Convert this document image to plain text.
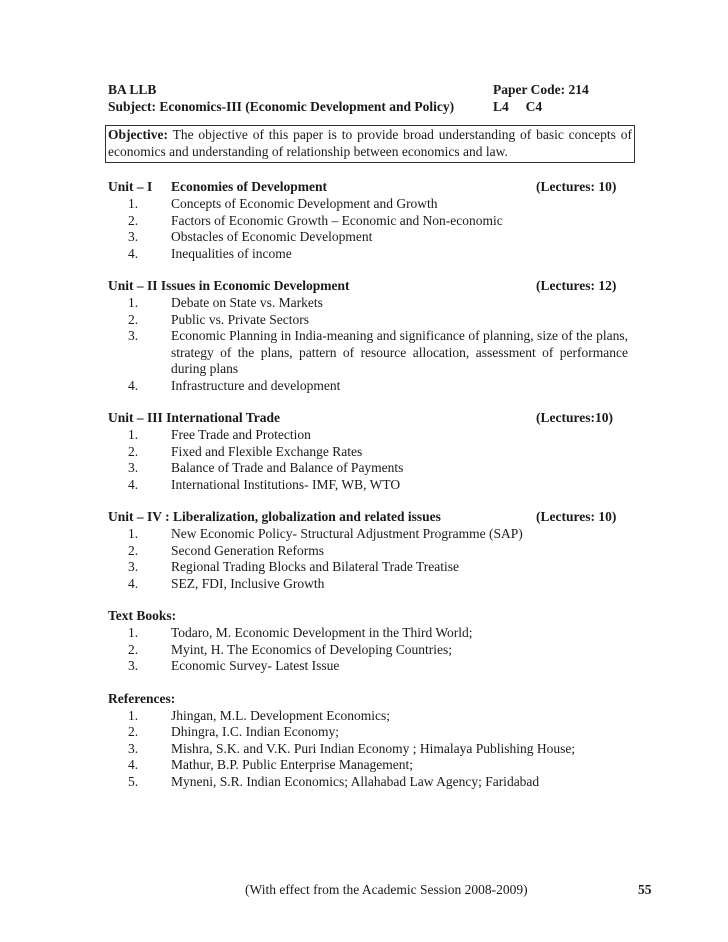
BA LLB	Paper Code: 214
Subject: Economics-III (Economic Development and Policy)	L4     C4
Objective: The objective of this paper is to provide broad understanding of basic concepts of economics and understanding of relationship between economics and law.
Unit – I Economies of Development	(Lectures: 10)
1. Concepts of Economic Development and Growth
2. Factors of Economic Growth – Economic and Non-economic
3. Obstacles of Economic Development
4. Inequalities of income
Unit – II Issues in Economic Development	(Lectures: 12)
1. Debate on State vs. Markets
2. Public vs. Private Sectors
3. Economic Planning in India-meaning and significance of planning, size of the plans, strategy of the plans, pattern of resource allocation, assessment of performance during plans
4. Infrastructure and development
Unit – III International Trade	(Lectures:10)
1. Free Trade and Protection
2. Fixed and Flexible Exchange Rates
3. Balance of Trade and Balance of Payments
4. International Institutions- IMF, WB, WTO
Unit – IV : Liberalization, globalization and related issues	(Lectures: 10)
1. New Economic Policy- Structural Adjustment Programme (SAP)
2. Second Generation Reforms
3. Regional Trading Blocks and Bilateral Trade Treatise
4. SEZ, FDI, Inclusive Growth
Text Books:
1. Todaro, M. Economic Development in the Third World;
2. Myint, H. The Economics of Developing Countries;
3. Economic Survey- Latest Issue
References:
1. Jhingan, M.L. Development Economics;
2. Dhingra, I.C. Indian Economy;
3. Mishra, S.K. and V.K. Puri Indian Economy ; Himalaya Publishing House;
4. Mathur, B.P. Public Enterprise Management;
5. Myneni, S.R. Indian Economics; Allahabad Law Agency; Faridabad
(With effect from the Academic Session 2008-2009)	55
